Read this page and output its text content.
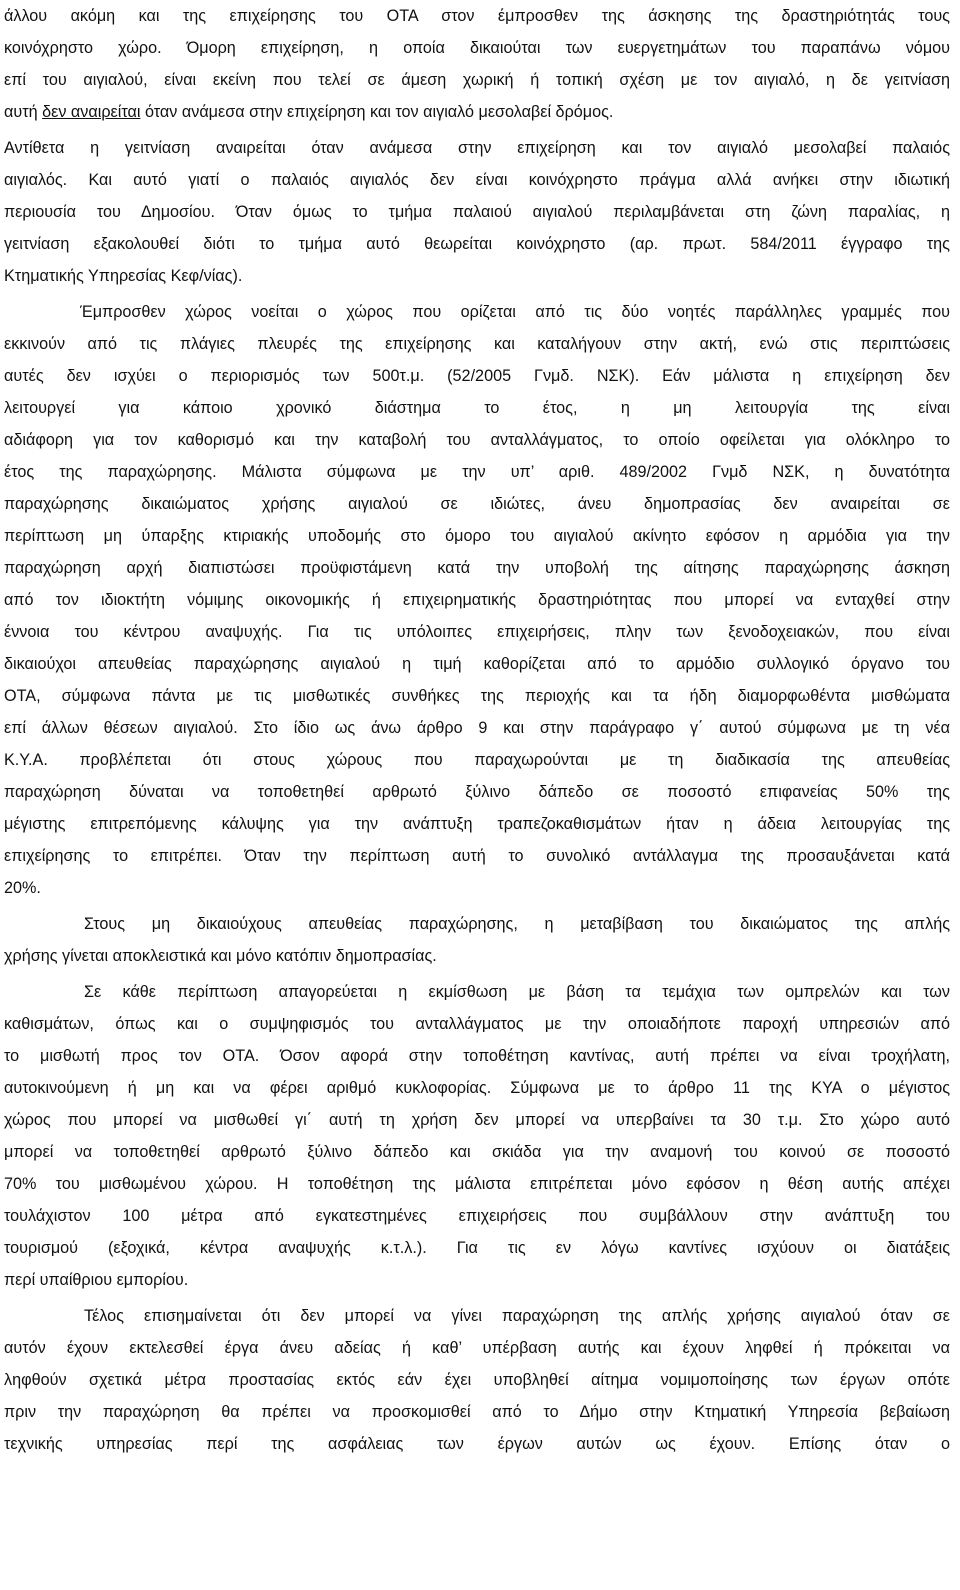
άλλου ακόμη και της επιχείρησης του ΟΤΑ στον έμπροσθεν της άσκησης της δραστηριότητάς τους
κοινόχρηστο χώρο. Όμορη επιχείρηση, η οποία δικαιούται των ευεργετημάτων του παραπάνω νόμου
επί του αιγιαλού, είναι εκείνη που τελεί σε άμεση χωρική ή τοπική σχέση με τον αιγιαλό, η δε γειτνίαση
αυτή δεν αναιρείται όταν ανάμεσα στην επιχείρηση και τον αιγιαλό μεσολαβεί δρόμος.
Αντίθετα η γειτνίαση αναιρείται όταν ανάμεσα στην επιχείρηση και τον αιγιαλό μεσολαβεί παλαιός
αιγιαλός. Και αυτό γιατί ο παλαιός αιγιαλός δεν είναι κοινόχρηστο πράγμα αλλά ανήκει στην ιδιωτική
περιουσία του Δημοσίου. Όταν όμως το τμήμα παλαιού αιγιαλού περιλαμβάνεται στη ζώνη παραλίας, η
γειτνίαση εξακολουθεί διότι το τμήμα αυτό θεωρείται κοινόχρηστο (αρ. πρωτ. 584/2011 έγγραφο της
Κτηματικής Υπηρεσίας Κεφ/νίας).
Έμπροσθεν χώρος νοείται ο χώρος που ορίζεται από τις δύο νοητές παράλληλες γραμμές που
εκκινούν από τις πλάγιες πλευρές της επιχείρησης και καταλήγουν στην ακτή, ενώ στις περιπτώσεις
αυτές δεν ισχύει ο περιορισμός των 500τ.μ. (52/2005 Γνμδ. ΝΣΚ). Εάν μάλιστα η επιχείρηση δεν
λειτουργεί για κάποιο χρονικό διάστημα το έτος, η μη λειτουργία της είναι
αδιάφορη για τον καθορισμό και την καταβολή του ανταλλάγματος, το οποίο οφείλεται για ολόκληρο το
έτος της παραχώρησης. Μάλιστα σύμφωνα με την υπ’ αριθ. 489/2002 Γνμδ ΝΣΚ, η δυνατότητα
παραχώρησης δικαιώματος χρήσης αιγιαλού σε ιδιώτες, άνευ δημοπρασίας δεν αναιρείται σε
περίπτωση μη ύπαρξης κτιριακής υποδομής στο όμορο του αιγιαλού ακίνητο εφόσον η αρμόδια για την
παραχώρηση αρχή διαπιστώσει προϋφιστάμενη κατά την υποβολή της αίτησης παραχώρησης άσκηση
από τον ιδιοκτήτη νόμιμης οικονομικής ή επιχειρηματικής δραστηριότητας που μπορεί να ενταχθεί στην
έννοια του κέντρου αναψυχής. Για τις υπόλοιπες επιχειρήσεις, πλην των ξενοδοχειακών, που είναι
δικαιούχοι απευθείας παραχώρησης αιγιαλού η τιμή καθορίζεται από το αρμόδιο συλλογικό όργανο του
ΟΤΑ, σύμφωνα πάντα με τις μισθωτικές συνθήκες της περιοχής και τα ήδη διαμορφωθέντα μισθώματα
επί άλλων θέσεων αιγιαλού. Στο ίδιο ως άνω άρθρο 9 και στην παράγραφο γ΄ αυτού σύμφωνα με τη νέα
Κ.Υ.Α. προβλέπεται ότι στους χώρους που παραχωρούνται με τη διαδικασία της απευθείας
παραχώρηση δύναται να τοποθετηθεί αρθρωτό ξύλινο δάπεδο σε ποσοστό επιφανείας 50% της
μέγιστης επιτρεπόμενης κάλυψης για την ανάπτυξη τραπεζοκαθισμάτων ήταν η άδεια λειτουργίας της
επιχείρησης το επιτρέπει. Όταν την περίπτωση αυτή το συνολικό αντάλλαγμα της προσαυξάνεται κατά
20%.
Στους μη δικαιούχους απευθείας παραχώρησης, η μεταβίβαση του δικαιώματος της απλής
χρήσης γίνεται αποκλειστικά και μόνο κατόπιν δημοπρασίας.
Σε κάθε περίπτωση απαγορεύεται η εκμίσθωση με βάση τα τεμάχια των ομπρελών και των
καθισμάτων, όπως και ο συμψηφισμός του ανταλλάγματος με την οποιαδήποτε παροχή υπηρεσιών από
το μισθωτή προς τον ΟΤΑ. Όσον αφορά στην τοποθέτηση καντίνας, αυτή πρέπει να είναι τροχήλατη,
αυτοκινούμενη ή μη και να φέρει αριθμό κυκλοφορίας. Σύμφωνα με το άρθρο 11 της ΚΥΑ ο μέγιστος
χώρος που μπορεί να μισθωθεί γι΄ αυτή τη χρήση δεν μπορεί να υπερβαίνει τα 30 τ.μ. Στο χώρο αυτό
μπορεί να τοποθετηθεί αρθρωτό ξύλινο δάπεδο και σκιάδα για την αναμονή του κοινού σε ποσοστό
70% του μισθωμένου χώρου. Η τοποθέτηση της μάλιστα επιτρέπεται μόνο εφόσον η θέση αυτής απέχει
τουλάχιστον 100 μέτρα από εγκατεστημένες επιχειρήσεις που συμβάλλουν στην ανάπτυξη του
τουρισμού (εξοχικά, κέντρα αναψυχής κ.τ.λ.). Για τις εν λόγω καντίνες ισχύουν οι διατάξεις
περί υπαίθριου εμπορίου.
Τέλος επισημαίνεται ότι δεν μπορεί να γίνει παραχώρηση της απλής χρήσης αιγιαλού όταν σε
αυτόν έχουν εκτελεσθεί έργα άνευ αδείας ή καθ’ υπέρβαση αυτής και έχουν ληφθεί ή πρόκειται να
ληφθούν σχετικά μέτρα προστασίας εκτός εάν έχει υποβληθεί αίτημα νομιμοποίησης των έργων οπότε
πριν την παραχώρηση θα πρέπει να προσκομισθεί από το Δήμο στην Κτηματική Υπηρεσία βεβαίωση
τεχνικής υπηρεσίας περί της ασφάλειας των έργων αυτών ως έχουν. Επίσης όταν ο
